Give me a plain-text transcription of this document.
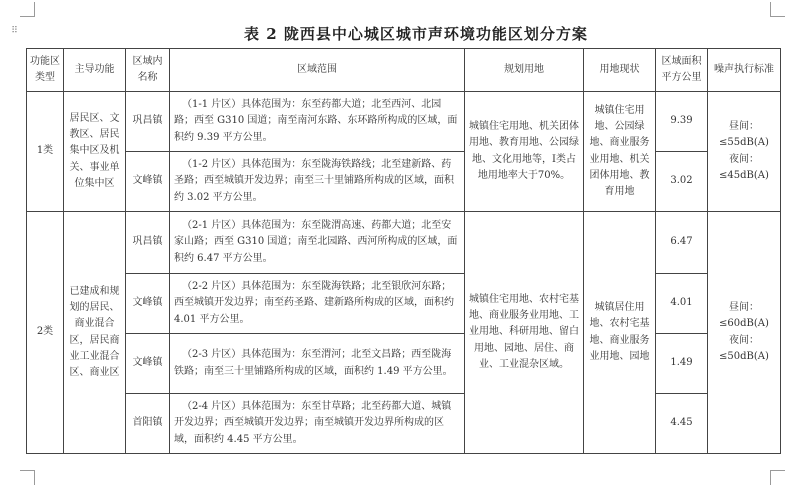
⠿	表 2 陇西县中心城区城市声环境功能区划分方案
功能区类型	主导功能	区域内名称	区域范围	规划用地	用地现状	区域面积平方公里	噪声执行标准
1类	居民区、文教区、居民集中区及机关、事业单位集中区	巩昌镇	（1-1 片区）具体范围为：东至药都大道；北至西河、北园路；西至 G310 国道；南至南河东路、东环路所构成的区域，面积约 9.39 平方公里。	城镇住宅用地、机关团体用地、教育用地、公园绿地、文化用地等，I类占地用地率大于70%。	城镇住宅用地、公园绿地、商业服务业用地、机关团体用地、教育用地	9.39	昼间：≤55dB(A)
夜间：≤45dB(A)

		文峰镇	（1-2 片区）具体范围为：东至陇海铁路线；北至建新路、药圣路；西至城镇开发边界；南至三十里铺路所构成的区域，面积约 3.02 平方公里。			3.02	
2类	已建成和规划的居民、商业混合区，居民商业工业混合区、商业区	巩昌镇	（2-1 片区）具体范围为：东至陇渭高速、药都大道；北至安家山路；西至 G310 国道；南至北园路、西河所构成的区域，面积约 6.47 平方公里。	城镇住宅用地、农村宅基地、商业服务业用地、工业用地、科研用地、留白用地、园地、居住、商业、工业混杂区域。	城镇居住用地、农村宅基地、商业服务业用地、园地	6.47	昼间：≤60dB(A)
夜间：≤50dB(A)

		文峰镇	（2-2 片区）具体范围为：东至陇海铁路；北至银欣河东路；西至城镇开发边界；南至药圣路、建新路所构成的区域，面积约 4.01 平方公里。			4.01	
		文峰镇	（2-3 片区）具体范围为：东至渭河；北至文昌路；西至陇海铁路；南至三十里铺路所构成的区域，面积约 1.49 平方公里。			1.49	
		首阳镇	（2-4 片区）具体范围为：东至甘草路；北至药都大道、城镇开发边界；西至城镇开发边界；南至城镇开发边界所构成的区域，面积约 4.45 平方公里。			4.45	
